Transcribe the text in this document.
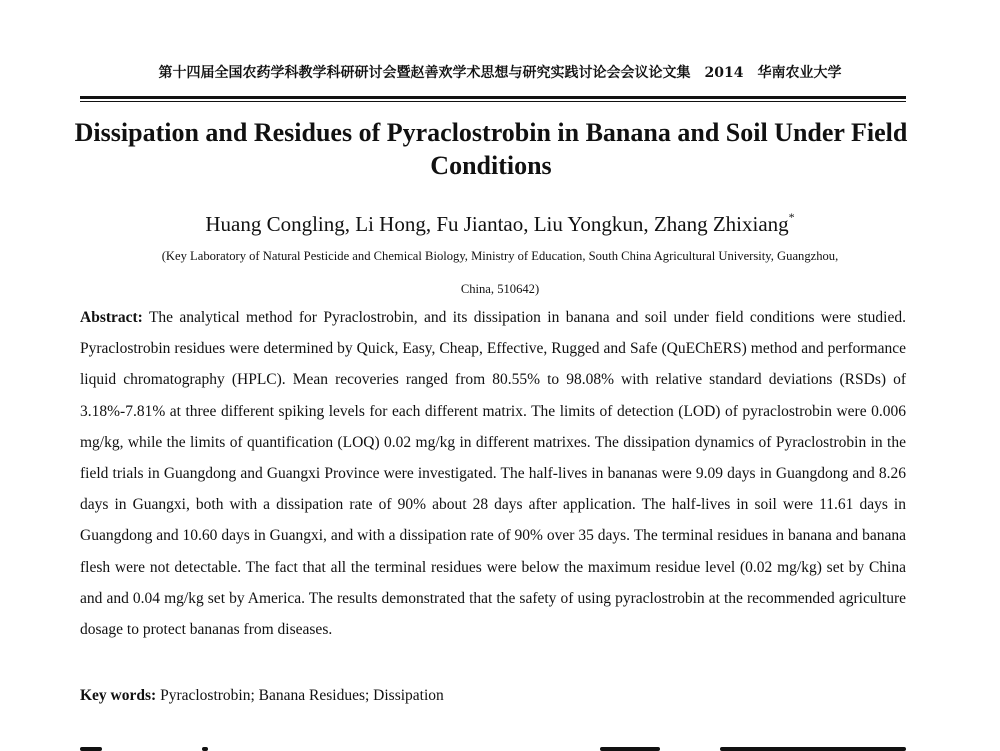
第十四届全国农药学科教学科研研讨会暨赵善欢学术思想与研究实践讨论会会议论文集 2014 华南农业大学
Dissipation and Residues of Pyraclostrobin in Banana and Soil Under Field Conditions
Huang Congling, Li Hong, Fu Jiantao, Liu Yongkun, Zhang Zhixiang*
(Key Laboratory of Natural Pesticide and Chemical Biology, Ministry of Education, South China Agricultural University, Guangzhou,
China, 510642)
Abstract: The analytical method for Pyraclostrobin, and its dissipation in banana and soil under field conditions were studied. Pyraclostrobin residues were determined by Quick, Easy, Cheap, Effective, Rugged and Safe (QuEChERS) method and performance liquid chromatography (HPLC). Mean recoveries ranged from 80.55% to 98.08% with relative standard deviations (RSDs) of 3.18%-7.81% at three different spiking levels for each different matrix. The limits of detection (LOD) of pyraclostrobin were 0.006 mg/kg, while the limits of quantification (LOQ) 0.02 mg/kg in different matrixes. The dissipation dynamics of Pyraclostrobin in the field trials in Guangdong and Guangxi Province were investigated. The half-lives in bananas were 9.09 days in Guangdong and 8.26 days in Guangxi, both with a dissipation rate of 90% about 28 days after application. The half-lives in soil were 11.61 days in Guangdong and 10.60 days in Guangxi, and with a dissipation rate of 90% over 35 days. The terminal residues in banana and banana flesh were not detectable. The fact that all the terminal residues were below the maximum residue level (0.02 mg/kg) set by China and and 0.04 mg/kg set by America. The results demonstrated that the safety of using pyraclostrobin at the recommended agriculture dosage to protect bananas from diseases.
Key words: Pyraclostrobin; Banana Residues; Dissipation
